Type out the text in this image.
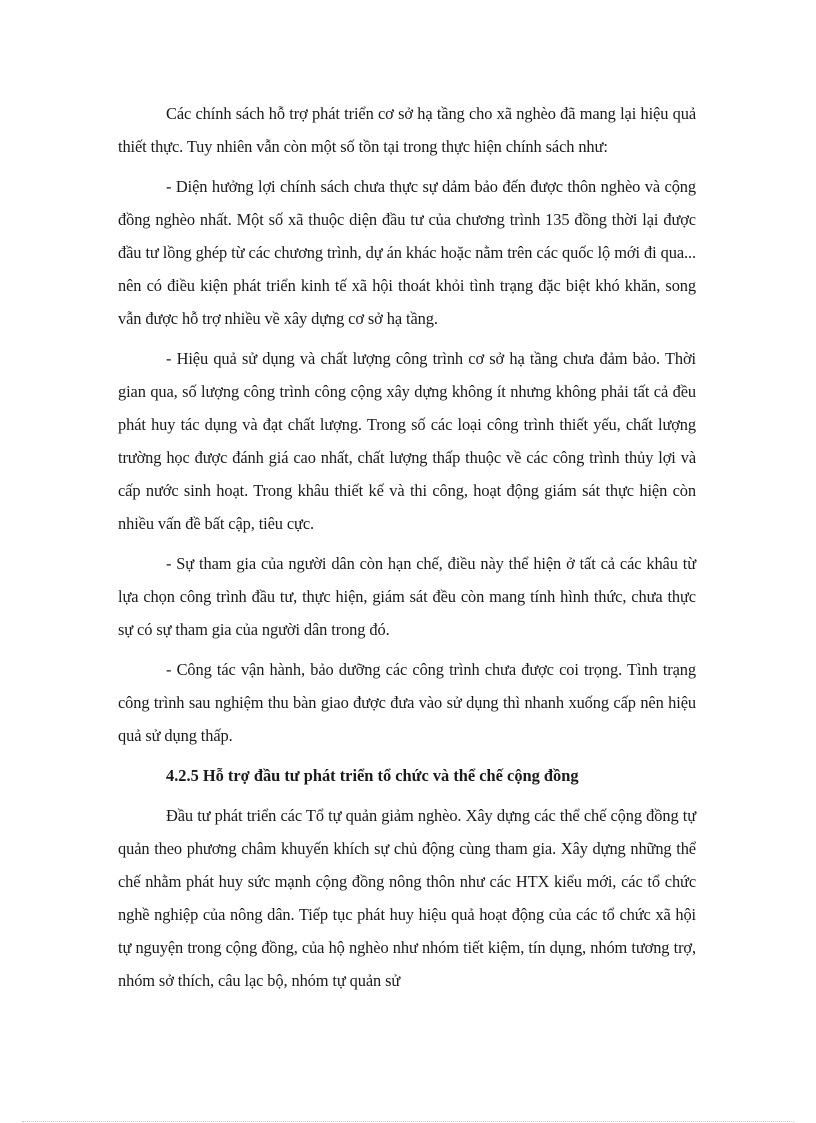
Các chính sách hỗ trợ phát triển cơ sở hạ tầng cho xã nghèo đã mang lại hiệu quả thiết thực. Tuy nhiên vẫn còn một số tồn tại trong thực hiện chính sách như:

- Diện hưởng lợi chính sách chưa thực sự dảm bảo đến được thôn nghèo và cộng đồng nghèo nhất. Một số xã thuộc diện đầu tư của chương trình 135 đồng thời lại được đầu tư lồng ghép từ các chương trình, dự án khác hoặc nằm trên các quốc lộ mới đi qua... nên có điều kiện phát triển kinh tế xã hội thoát khỏi tình trạng đặc biệt khó khăn, song vẫn được hỗ trợ nhiều về xây dựng cơ sở hạ tầng.

- Hiệu quả sử dụng và chất lượng công trình cơ sở hạ tầng chưa đảm bảo. Thời gian qua, số lượng công trình công cộng xây dựng không ít nhưng không phải tất cả đều phát huy tác dụng và đạt chất lượng. Trong số các loại công trình thiết yếu, chất lượng trường học được đánh giá cao nhất, chất lượng thấp thuộc về các công trình thủy lợi và cấp nước sinh hoạt. Trong khâu thiết kế và thi công, hoạt động giám sát thực hiện còn nhiều vấn đề bất cập, tiêu cực.

- Sự tham gia của người dân còn hạn chế, điều này thể hiện ở tất cả các khâu từ lựa chọn công trình đầu tư, thực hiện, giám sát đều còn mang tính hình thức, chưa thực sự có sự tham gia của người dân trong đó.

- Công tác vận hành, bảo dưỡng các công trình chưa được coi trọng. Tình trạng công trình sau nghiệm thu bàn giao được đưa vào sử dụng thì nhanh xuống cấp nên hiệu quả sử dụng thấp.

4.2.5 Hỗ trợ đầu tư phát triển tổ chức và thể chế cộng đồng

Đầu tư phát triển các Tổ tự quản giảm nghèo. Xây dựng các thể chế cộng đồng tự quản theo phương châm khuyến khích sự chủ động cùng tham gia. Xây dựng những thể chế nhằm phát huy sức mạnh cộng đồng nông thôn như các HTX kiểu mới, các tổ chức nghề nghiệp của nông dân. Tiếp tục phát huy hiệu quả hoạt động của các tổ chức xã hội tự nguyện trong cộng đồng, của hộ nghèo như nhóm tiết kiệm, tín dụng, nhóm tương trợ, nhóm sở thích, câu lạc bộ, nhóm tự quản sử
